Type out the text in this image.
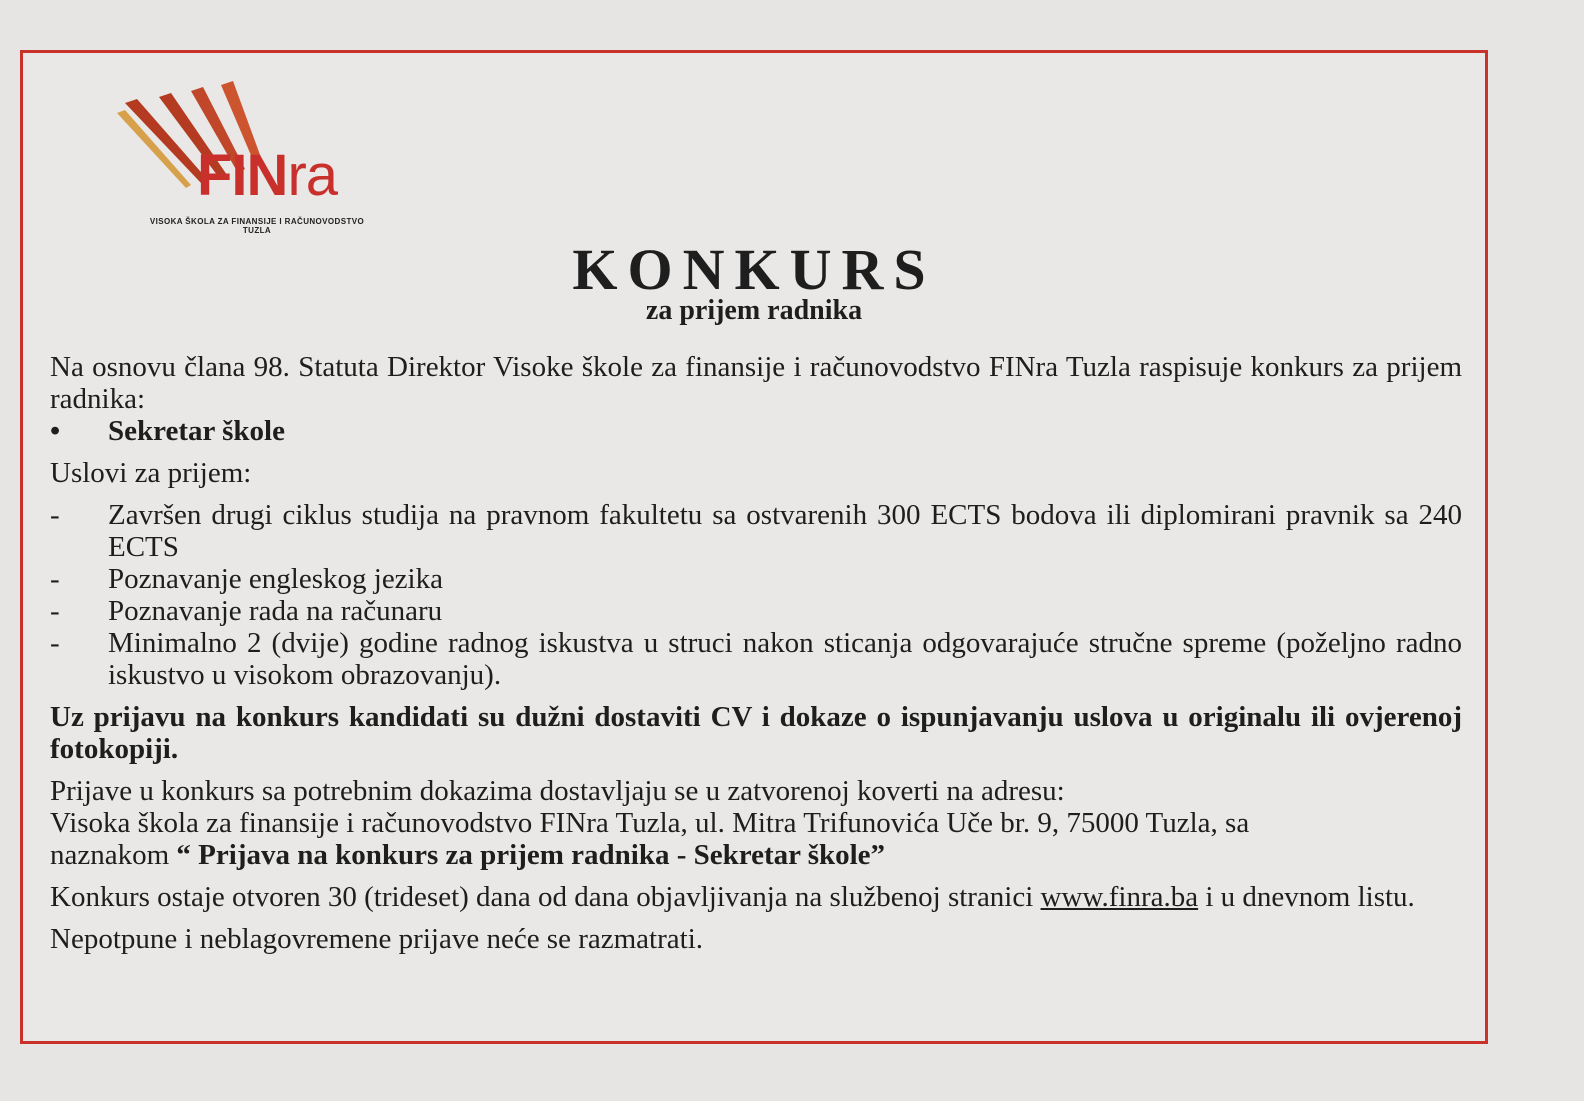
FINra
VISOKA ŠKOLA ZA FINANSIJE I RAČUNOVODSTVO
TUZLA
KONKURS
za prijem radnika

Na osnovu člana 98. Statuta Direktor Visoke škole za finansije i računovodstvo FINra Tuzla raspisuje konkurs za prijem radnika:

•	Sekretar škole

Uslovi za prijem:

-	Završen drugi ciklus studija na pravnom fakultetu sa ostvarenih 300 ECTS bodova ili diplomirani pravnik sa 240 ECTS
-	Poznavanje engleskog jezika
-	Poznavanje rada na računaru
-	Minimalno 2 (dvije) godine radnog iskustva u struci nakon sticanja odgovarajuće stručne spreme (poželjno radno iskustvo u visokom obrazovanju).

Uz prijavu na konkurs kandidati su dužni dostaviti CV i dokaze o ispunjavanju uslova u originalu ili ovjerenoj fotokopiji.

Prijave u konkurs sa potrebnim dokazima dostavljaju se u zatvorenoj koverti na adresu:

Visoka škola za finansije i računovodstvo FINra Tuzla, ul. Mitra Trifunovića Uče br. 9, 75000 Tuzla, sa

naznakom “ Prijava na konkurs za prijem radnika - Sekretar škole”

Konkurs ostaje otvoren 30 (trideset) dana od dana objavljivanja na službenoj stranici www.finra.ba i u dnevnom listu.

Nepotpune i neblagovremene prijave neće se razmatrati.
